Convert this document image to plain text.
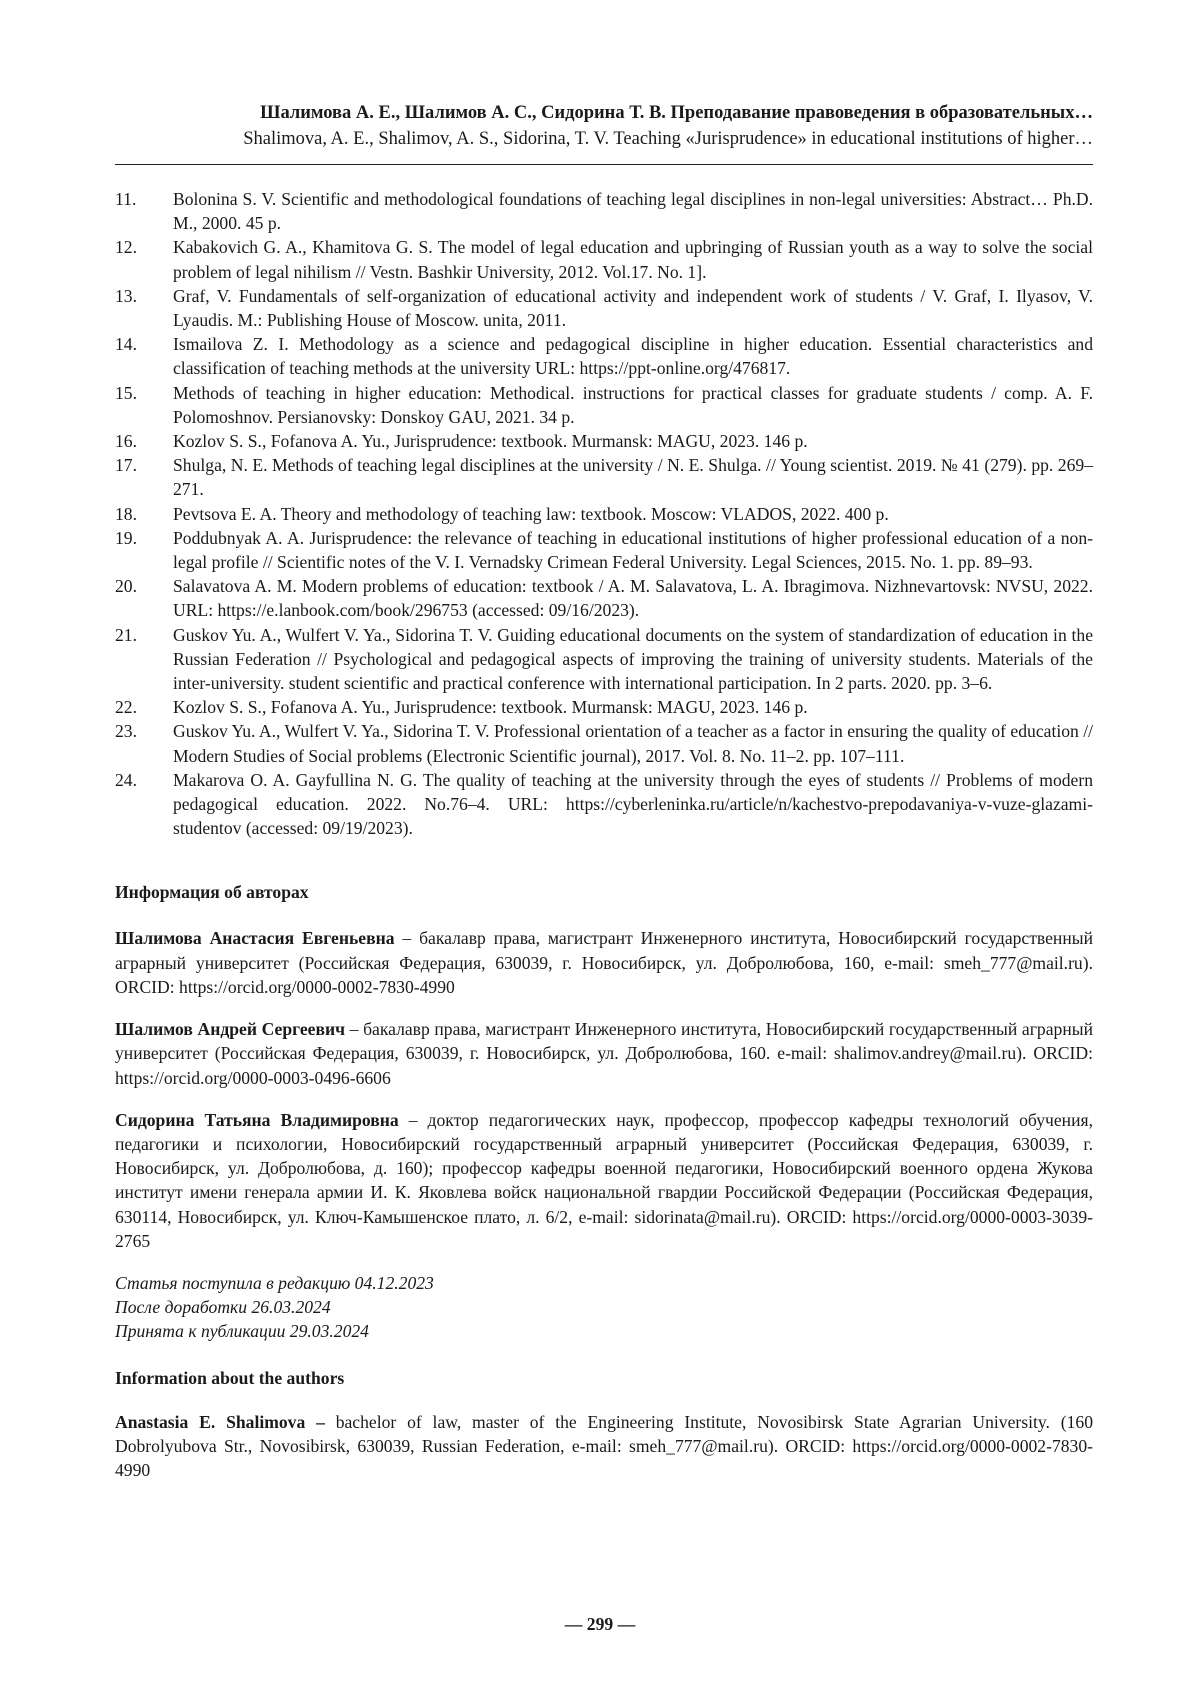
Шалимова А. Е., Шалимов А. С., Сидорина Т. В. Преподавание правоведения в образовательных…
Shalimova, A. E., Shalimov, A. S., Sidorina, T. V. Teaching «Jurisprudence» in educational institutions of higher…
11.	Bolonina S. V. Scientific and methodological foundations of teaching legal disciplines in non-legal universities: Abstract… Ph.D. M., 2000. 45 p.
12.	Kabakovich G. A., Khamitova G. S. The model of legal education and upbringing of Russian youth as a way to solve the social problem of legal nihilism // Vestn. Bashkir University, 2012. Vol.17. No. 1].
13.	Graf, V. Fundamentals of self-organization of educational activity and independent work of students / V. Graf, I. Ilyasov, V. Lyaudis. M.: Publishing House of Moscow. unita, 2011.
14.	Ismailova Z. I. Methodology as a science and pedagogical discipline in higher education. Essential characteristics and classification of teaching methods at the university URL: https://ppt-online.org/476817.
15.	Methods of teaching in higher education: Methodical. instructions for practical classes for graduate students / comp. A. F. Polomoshnov. Persianovsky: Donskoy GAU, 2021. 34 p.
16.	Kozlov S. S., Fofanova A. Yu., Jurisprudence: textbook. Murmansk: MAGU, 2023. 146 p.
17.	Shulga, N. E. Methods of teaching legal disciplines at the university / N. E. Shulga. // Young scientist. 2019. № 41 (279). pp. 269–271.
18.	Pevtsova E. A. Theory and methodology of teaching law: textbook. Moscow: VLADOS, 2022. 400 p.
19.	Poddubnyak A. A. Jurisprudence: the relevance of teaching in educational institutions of higher professional education of a non-legal profile // Scientific notes of the V. I. Vernadsky Crimean Federal University. Legal Sciences, 2015. No. 1. pp. 89–93.
20.	Salavatova A. M. Modern problems of education: textbook / A. M. Salavatova, L. A. Ibragimova. Nizhnevartovsk: NVSU, 2022. URL: https://e.lanbook.com/book/296753 (accessed: 09/16/2023).
21.	Guskov Yu. A., Wulfert V. Ya., Sidorina T. V. Guiding educational documents on the system of standardization of education in the Russian Federation // Psychological and pedagogical aspects of improving the training of university students. Materials of the inter-university. student scientific and practical conference with international participation. In 2 parts. 2020. pp. 3–6.
22.	Kozlov S. S., Fofanova A. Yu., Jurisprudence: textbook. Murmansk: MAGU, 2023. 146 p.
23.	Guskov Yu. A., Wulfert V. Ya., Sidorina T. V. Professional orientation of a teacher as a factor in ensuring the quality of education // Modern Studies of Social problems (Electronic Scientific journal), 2017. Vol. 8. No. 11–2. pp. 107–111.
24.	Makarova O. A. Gayfullina N. G. The quality of teaching at the university through the eyes of students // Problems of modern pedagogical education. 2022. No.76–4. URL: https://cyberleninka.ru/article/n/kachestvo-prepodavaniya-v-vuze-glazami-studentov (accessed: 09/19/2023).
Информация об авторах

Шалимова Анастасия Евгеньевна – бакалавр права, магистрант Инженерного института, Новосибирский государственный аграрный университет (Российская Федерация, 630039, г. Новосибирск, ул. Добролюбова, 160, e-mail: smeh_777@mail.ru). ORCID: https://orcid.org/0000-0002-7830-4990

Шалимов Андрей Сергеевич – бакалавр права, магистрант Инженерного института, Новосибирский государственный аграрный университет (Российская Федерация, 630039, г. Новосибирск, ул. Добролюбова, 160. e-mail: shalimov.andrey@mail.ru). ORCID: https://orcid.org/0000-0003-0496-6606

Сидорина Татьяна Владимировна – доктор педагогических наук, профессор, профессор кафедры технологий обучения, педагогики и психологии, Новосибирский государственный аграрный университет (Российская Федерация, 630039, г. Новосибирск, ул. Добролюбова, д. 160); профессор кафедры военной педагогики, Новосибирский военного ордена Жукова институт имени генерала армии И. К. Яковлева войск национальной гвардии Российской Федерации (Российская Федерация, 630114, Новосибирск, ул. Ключ-Камышенское плато, л. 6/2, e-mail: sidorinata@mail.ru). ORCID: https://orcid.org/0000-0003-3039-2765

Статья поступила в редакцию 04.12.2023
После доработки 26.03.2024
Принята к публикации 29.03.2024
Information about the authors

Anastasia E. Shalimova – bachelor of law, master of the Engineering Institute, Novosibirsk State Agrarian University. (160 Dobrolyubova Str., Novosibirsk, 630039, Russian Federation, e-mail: smeh_777@mail.ru). ORCID: https://orcid.org/0000-0002-7830-4990

— 299 —
